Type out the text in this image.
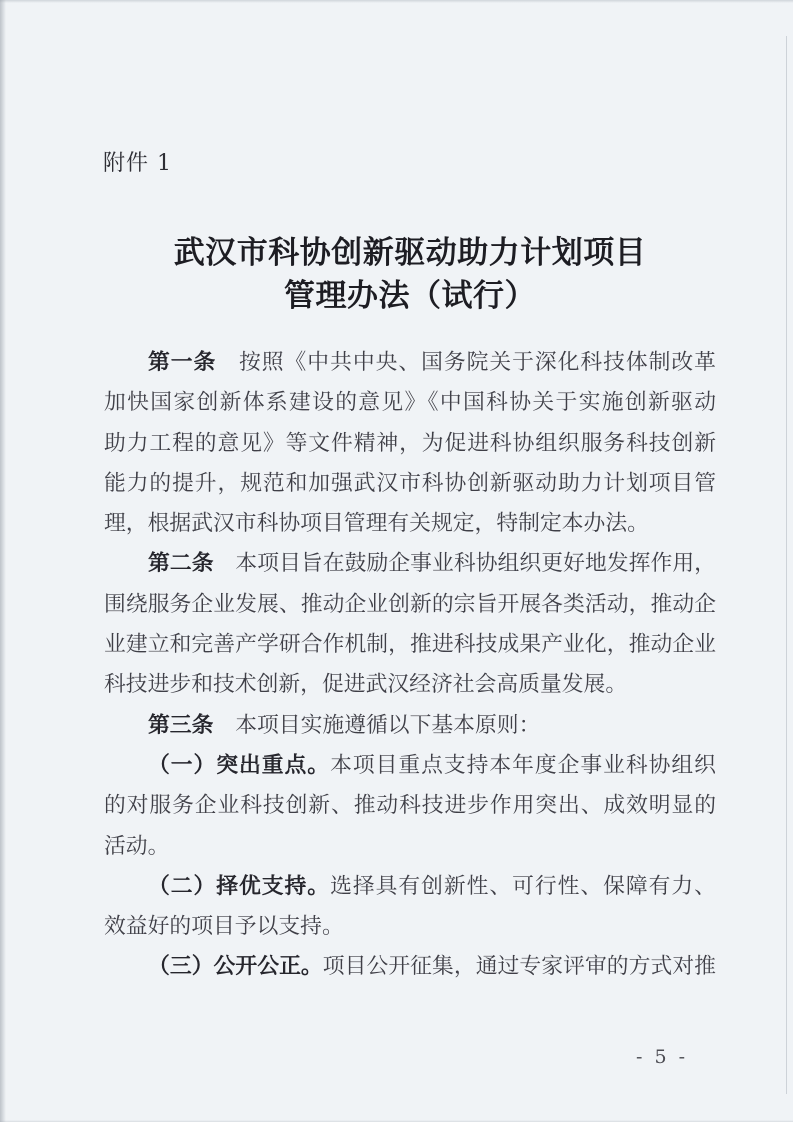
附件 1
武汉市科协创新驱动助力计划项目
管理办法（试行）
第一条　按照《中共中央、国务院关于深化科技体制改革
加快国家创新体系建设的意见》《中国科协关于实施创新驱动
助力工程的意见》等文件精神，为促进科协组织服务科技创新
能力的提升，规范和加强武汉市科协创新驱动助力计划项目管
理，根据武汉市科协项目管理有关规定，特制定本办法。
第二条　本项目旨在鼓励企事业科协组织更好地发挥作用，
围绕服务企业发展、推动企业创新的宗旨开展各类活动，推动企
业建立和完善产学研合作机制，推进科技成果产业化，推动企业
科技进步和技术创新，促进武汉经济社会高质量发展。
第三条　本项目实施遵循以下基本原则：
（一）突出重点。本项目重点支持本年度企事业科协组织
的对服务企业科技创新、推动科技进步作用突出、成效明显的
活动。
（二）择优支持。选择具有创新性、可行性、保障有力、
效益好的项目予以支持。
（三）公开公正。项目公开征集，通过专家评审的方式对推
- 5 -
